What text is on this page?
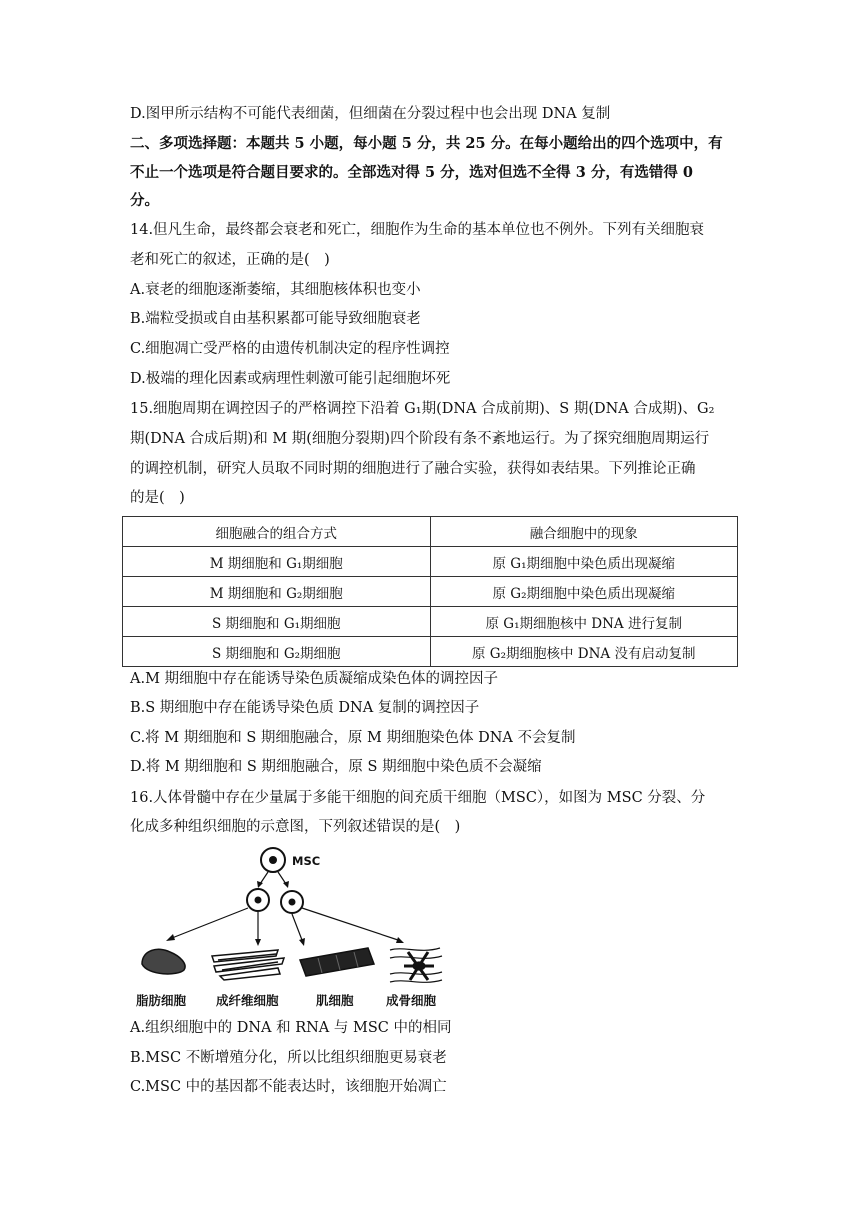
D.图甲所示结构不可能代表细菌，但细菌在分裂过程中也会出现 DNA 复制
二、多项选择题：本题共 5 小题，每小题 5 分，共 25 分。在每小题给出的四个选项中，有
不止一个选项是符合题目要求的。全部选对得 5 分，选对但选不全得 3 分，有选错得 0
分。
14.但凡生命，最终都会衰老和死亡，细胞作为生命的基本单位也不例外。下列有关细胞衰
老和死亡的叙述，正确的是(　)
A.衰老的细胞逐渐萎缩，其细胞核体积也变小
B.端粒受损或自由基积累都可能导致细胞衰老
C.细胞凋亡受严格的由遗传机制决定的程序性调控
D.极端的理化因素或病理性刺激可能引起细胞坏死
15.细胞周期在调控因子的严格调控下沿着 G₁期(DNA 合成前期)、S 期(DNA 合成期)、G₂
期(DNA 合成后期)和 M 期(细胞分裂期)四个阶段有条不紊地运行。为了探究细胞周期运行
的调控机制，研究人员取不同时期的细胞进行了融合实验，获得如表结果。下列推论正确
的是(　)
细胞融合的组合方式	融合细胞中的现象
M 期细胞和 G₁期细胞	原 G₁期细胞中染色质出现凝缩
M 期细胞和 G₂期细胞	原 G₂期细胞中染色质出现凝缩
S 期细胞和 G₁期细胞	原 G₁期细胞核中 DNA 进行复制
S 期细胞和 G₂期细胞	原 G₂期细胞核中 DNA 没有启动复制
A.M 期细胞中存在能诱导染色质凝缩成染色体的调控因子
B.S 期细胞中存在能诱导染色质 DNA 复制的调控因子
C.将 M 期细胞和 S 期细胞融合，原 M 期细胞染色体 DNA 不会复制
D.将 M 期细胞和 S 期细胞融合，原 S 期细胞中染色质不会凝缩
16.人体骨髓中存在少量属于多能干细胞的间充质干细胞（MSC），如图为 MSC 分裂、分
化成多种组织细胞的示意图，下列叙述错误的是(　)
MSC
脂肪细胞 成纤维细胞	肌细胞	成骨细胞
A.组织细胞中的 DNA 和 RNA 与 MSC 中的相同
B.MSC 不断增殖分化，所以比组织细胞更易衰老
C.MSC 中的基因都不能表达时，该细胞开始凋亡
